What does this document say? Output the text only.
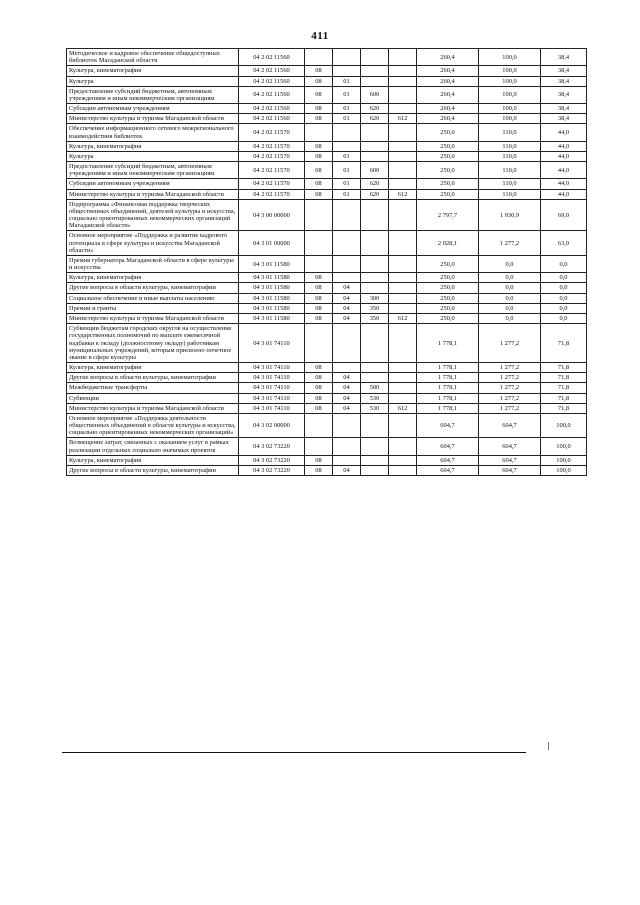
411
Методическое и кадровое обеспечение общедоступных библиотек Магаданской области	04 2 02 11560					260,4	100,0	38,4
Культура, кинематография	04 2 02 11560	08				260,4	100,0	38,4
Культура	04 2 02 11560	08	01			260,4	100,0	38,4
Предоставление субсидий бюджетным, автономным учреждениям и иным некоммерческим организациям	04 2 02 11560	08	01	600		260,4	100,0	38,4
Субсидии автономным учреждениям	04 2 02 11560	08	01	620		260,4	100,0	38,4
Министерство культуры и туризма Магаданской области	04 2 02 11560	08	01	620	612	260,4	100,0	38,4
Обеспечение информационного сетевого межрегионального взаимодействия библиотек	04 2 02 11570					250,0	110,0	44,0
Культура, кинематография	04 2 02 11570	08				250,0	110,0	44,0
Культура	04 2 02 11570	08	01			250,0	110,0	44,0
Предоставление субсидий бюджетным, автономным учреждениям и иным некоммерческим организациям	04 2 02 11570	08	01	600		250,0	110,0	44,0
Субсидии автономным учреждениям	04 2 02 11570	08	01	620		250,0	110,0	44,0
Министерство культуры и туризма Магаданской области	04 2 02 11570	08	01	620	612	250,0	110,0	44,0
Подпрограмма «Финансовая поддержка творческих общественных объединений, деятелей культуры и искусства, социально ориентированных некоммерческих организаций Магаданской области»	04 3 00 00000					2 797,7	1 930,9	69,0
Основное мероприятие «Поддержка и развитие кадрового потенциала в сфере культуры и искусства Магаданской области»	04 3 01 00000					2 028,1	1 277,2	63,0
Премия губернатора Магаданской области в сфере культуры и искусства	04 3 01 11580					250,0	0,0	0,0
Культура, кинематография	04 3 01 11580	08				250,0	0,0	0,0
Другие вопросы в области культуры, кинематографии	04 3 01 11580	08	04			250,0	0,0	0,0
Социальное обеспечение и иные выплаты населению	04 3 01 11580	08	04	300		250,0	0,0	0,0
Премии и гранты	04 3 01 11580	08	04	350		250,0	0,0	0,0
Министерство культуры и туризма Магаданской области	04 3 01 11580	08	04	350	612	250,0	0,0	0,0
Субвенции бюджетам городских округов на осуществление государственных полномочий по выплате ежемесячной надбавки к окладу (должностному окладу) работникам муниципальных учреждений, которым присвоено почетное звание в сфере культуры	04 3 01 74110					1 778,1	1 277,2	71,8
Культура, кинематография	04 3 01 74110	08				1 778,1	1 277,2	71,8
Другие вопросы в области культуры, кинематографии	04 3 01 74110	08	04			1 778,1	1 277,2	71,8
Межбюджетные трансферты	04 3 01 74110	08	04	500		1 778,1	1 277,2	71,8
Субвенции	04 3 01 74110	08	04	530		1 778,1	1 277,2	71,8
Министерство культуры и туризма Магаданской области	04 3 01 74110	08	04	530	612	1 778,1	1 277,2	71,8
Основное мероприятие «Поддержка деятельности общественных объединений в области культуры и искусства, социально ориентированных некоммерческих организаций»	04 3 02 00000					604,7	604,7	100,0
Возмещение затрат, связанных с оказанием услуг в рамках реализации отдельных социально значимых проектов	04 3 02 73220					604,7	604,7	100,0
Культура, кинематография	04 3 02 73220	08				604,7	604,7	100,0
Другие вопросы в области культуры, кинематографии	04 3 02 73220	08	04			604,7	604,7	100,0
